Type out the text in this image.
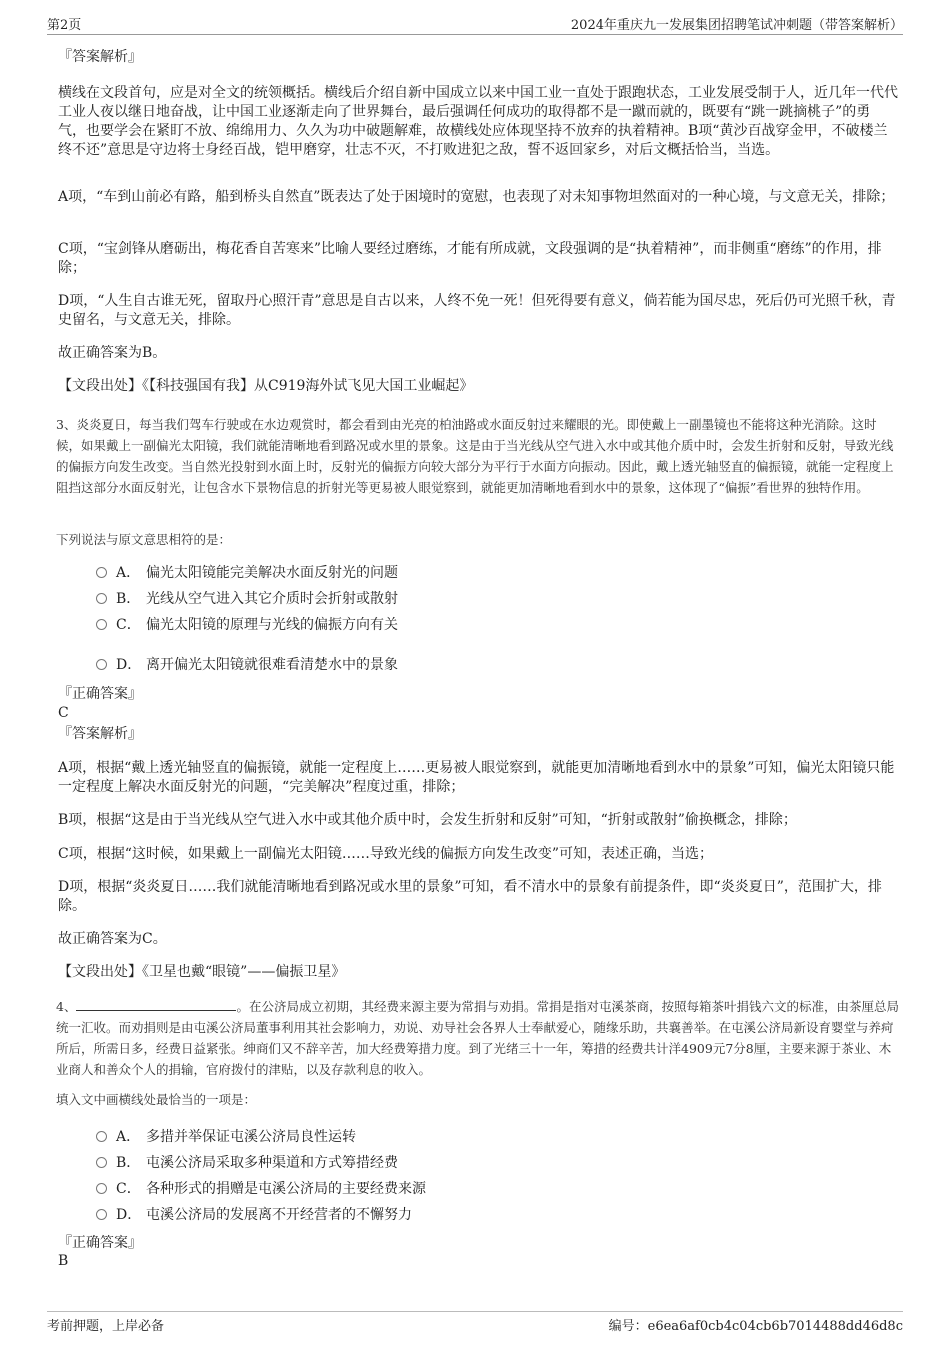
第2页	2024年重庆九一发展集团招聘笔试冲刺题（带答案解析）
『答案解析』
横线在文段首句，应是对全文的统领概括。横线后介绍自新中国成立以来中国工业一直处于跟跑状态，工业发展受制于人，近几年一代代工业人夜以继日地奋战，让中国工业逐渐走向了世界舞台，最后强调任何成功的取得都不是一蹴而就的，既要有“跳一跳摘桃子”的勇气，也要学会在紧盯不放、绵绵用力、久久为功中破题解难，故横线处应体现坚持不放弃的执着精神。B项“黄沙百战穿金甲，不破楼兰终不还”意思是守边将士身经百战，铠甲磨穿，壮志不灭，不打败进犯之敌，誓不返回家乡，对后文概括恰当，当选。
A项，“车到山前必有路，船到桥头自然直”既表达了处于困境时的宽慰，也表现了对未知事物坦然面对的一种心境，与文意无关，排除；
C项，“宝剑锋从磨砺出，梅花香自苦寒来”比喻人要经过磨练，才能有所成就，文段强调的是“执着精神”，而非侧重“磨练”的作用，排除；
D项，“人生自古谁无死，留取丹心照汗青”意思是自古以来，人终不免一死！但死得要有意义，倘若能为国尽忠，死后仍可光照千秋，青史留名，与文意无关，排除。
故正确答案为B。
【文段出处】《【科技强国有我】从C919海外试飞见大国工业崛起》
3、炎炎夏日，每当我们驾车行驶或在水边观赏时，都会看到由光亮的柏油路或水面反射过来耀眼的光。即使戴上一副墨镜也不能将这种光消除。这时候，如果戴上一副偏光太阳镜，我们就能清晰地看到路况或水里的景象。这是由于当光线从空气进入水中或其他介质中时，会发生折射和反射，导致光线的偏振方向发生改变。当自然光投射到水面上时，反射光的偏振方向较大部分为平行于水面方向振动。因此，戴上透光轴竖直的偏振镜，就能一定程度上阻挡这部分水面反射光，让包含水下景物信息的折射光等更易被人眼觉察到，就能更加清晰地看到水中的景象，这体现了“偏振”看世界的独特作用。
下列说法与原文意思相符的是：
A． 偏光太阳镜能完美解决水面反射光的问题
B． 光线从空气进入其它介质时会折射或散射
C． 偏光太阳镜的原理与光线的偏振方向有关
D． 离开偏光太阳镜就很难看清楚水中的景象
『正确答案』
C
『答案解析』
A项，根据“戴上透光轴竖直的偏振镜，就能一定程度上……更易被人眼觉察到，就能更加清晰地看到水中的景象”可知，偏光太阳镜只能一定程度上解决水面反射光的问题，“完美解决”程度过重，排除；
B项，根据“这是由于当光线从空气进入水中或其他介质中时，会发生折射和反射”可知，“折射或散射”偷换概念，排除；
C项，根据“这时候，如果戴上一副偏光太阳镜……导致光线的偏振方向发生改变”可知，表述正确，当选；
D项，根据“炎炎夏日……我们就能清晰地看到路况或水里的景象”可知，看不清水中的景象有前提条件，即“炎炎夏日”，范围扩大，排除。
故正确答案为C。
【文段出处】《卫星也戴“眼镜”——偏振卫星》
4、	。在公济局成立初期，其经费来源主要为常捐与劝捐。常捐是指对屯溪茶商，按照每箱茶叶捐钱六文的标准，由茶厘总局统一汇收。而劝捐则是由屯溪公济局董事利用其社会影响力，劝说、劝导社会各界人士奉献爱心，随缘乐助，共襄善举。在屯溪公济局新设育婴堂与养疴所后，所需日多，经费日益紧张。绅商们又不辞辛苦，加大经费筹措力度。到了光绪三十一年，筹措的经费共计洋4909元7分8厘，主要来源于茶业、木业商人和善众个人的捐输，官府拨付的津贴，以及存款利息的收入。
填入文中画横线处最恰当的一项是：
A． 多措并举保证屯溪公济局良性运转
B． 屯溪公济局采取多种渠道和方式筹措经费
C． 各种形式的捐赠是屯溪公济局的主要经费来源
D． 屯溪公济局的发展离不开经营者的不懈努力
『正确答案』
B
考前押题，上岸必备	编号：e6ea6af0cb4c04cb6b7014488dd46d8c
